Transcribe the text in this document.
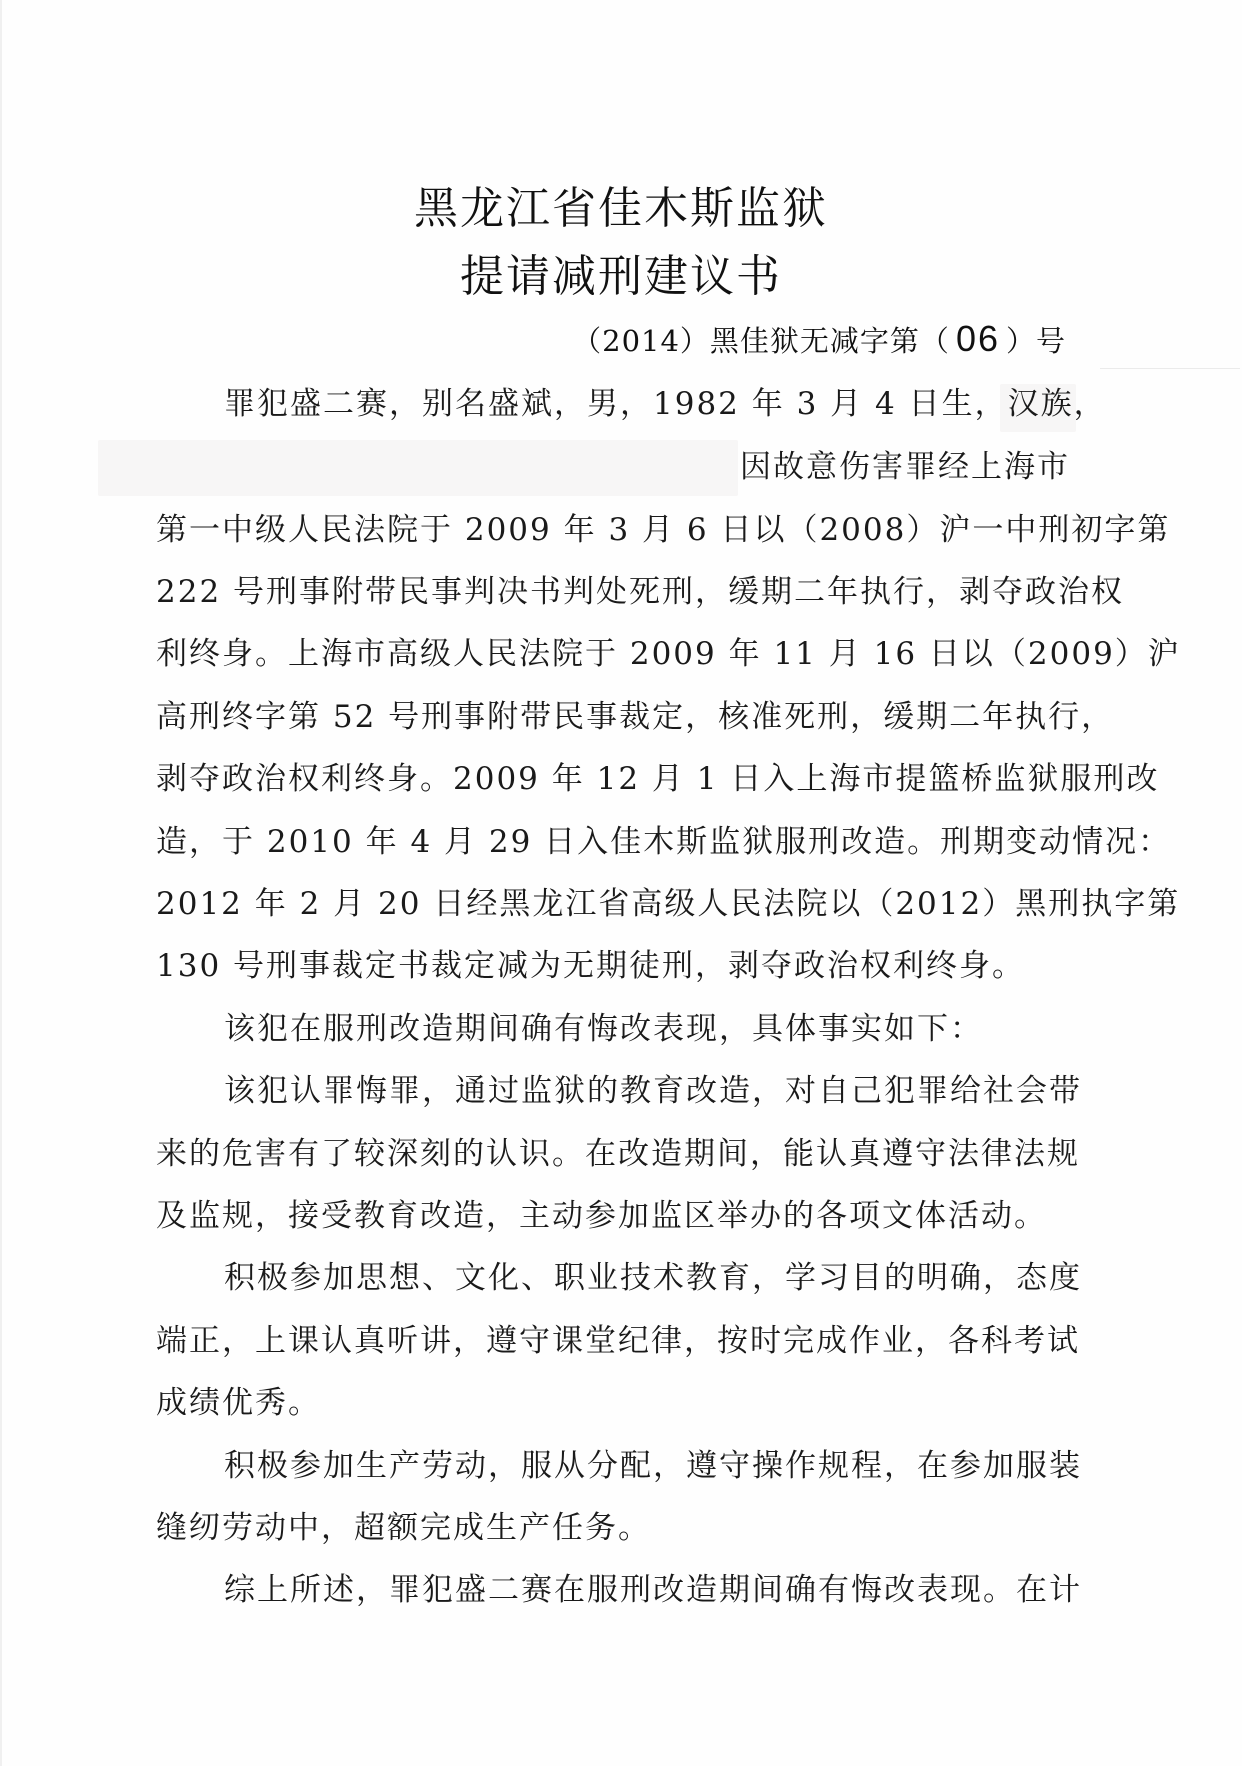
黑龙江省佳木斯监狱
提请减刑建议书
（2014）黑佳狱无减字第（ 06 ）号
罪犯盛二赛，别名盛斌，男，1982 年 3 月 4 日生，汉族，
因故意伤害罪经上海市
第一中级人民法院于 2009 年 3 月 6 日以（2008）沪一中刑初字第
222 号刑事附带民事判决书判处死刑，缓期二年执行，剥夺政治权
利终身。上海市高级人民法院于 2009 年 11 月 16 日以（2009）沪
高刑终字第 52 号刑事附带民事裁定，核准死刑，缓期二年执行，
剥夺政治权利终身。2009 年 12 月 1 日入上海市提篮桥监狱服刑改
造，于 2010 年 4 月 29 日入佳木斯监狱服刑改造。刑期变动情况：
2012 年 2 月 20 日经黑龙江省高级人民法院以（2012）黑刑执字第
130 号刑事裁定书裁定减为无期徒刑，剥夺政治权利终身。
该犯在服刑改造期间确有悔改表现，具体事实如下：
该犯认罪悔罪，通过监狱的教育改造，对自己犯罪给社会带
来的危害有了较深刻的认识。在改造期间，能认真遵守法律法规
及监规，接受教育改造，主动参加监区举办的各项文体活动。
积极参加思想、文化、职业技术教育，学习目的明确，态度
端正，上课认真听讲，遵守课堂纪律，按时完成作业，各科考试
成绩优秀。
积极参加生产劳动，服从分配，遵守操作规程，在参加服装
缝纫劳动中，超额完成生产任务。
综上所述，罪犯盛二赛在服刑改造期间确有悔改表现。在计
